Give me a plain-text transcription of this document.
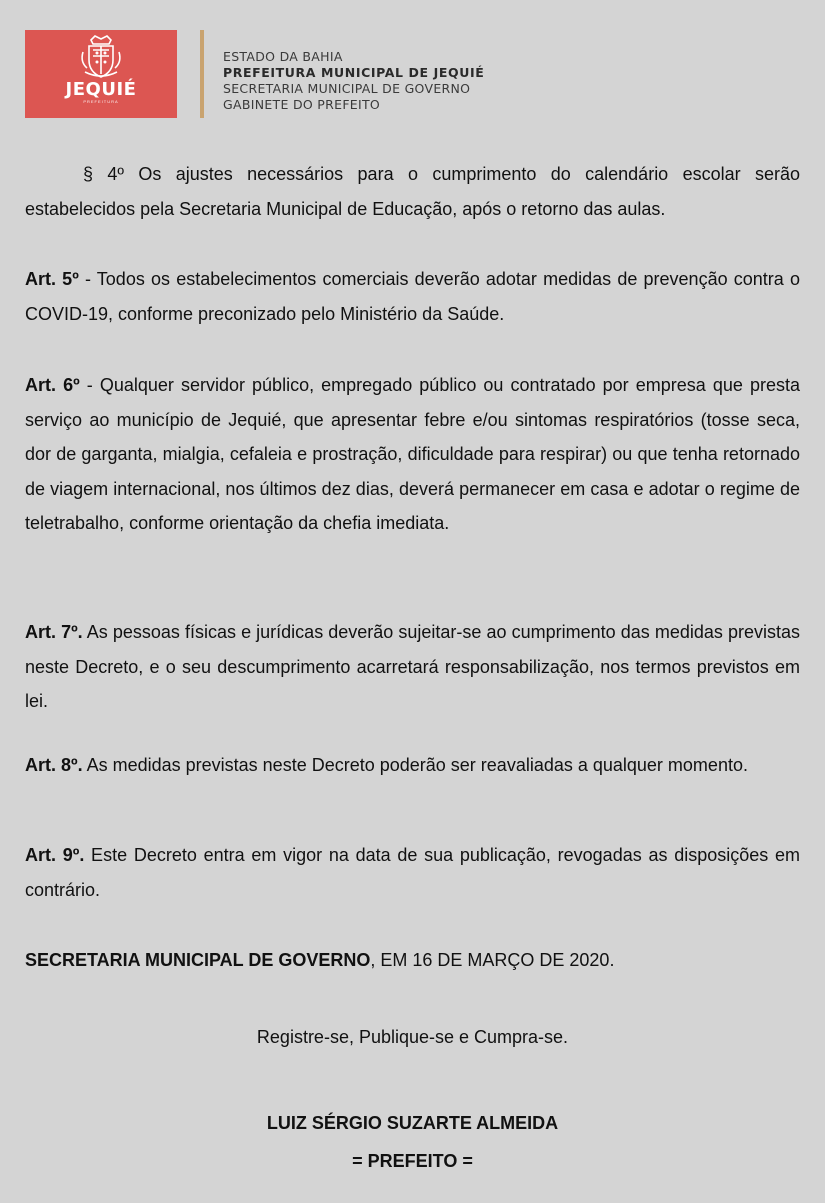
JEQUIÉ
PREFEITURA
ESTADO DA BAHIA
PREFEITURA MUNICIPAL DE JEQUIÉ
SECRETARIA MUNICIPAL DE GOVERNO
GABINETE DO PREFEITO
§ 4º Os ajustes necessários para o cumprimento do calendário escolar serão estabelecidos pela Secretaria Municipal de Educação, após o retorno das aulas.
Art. 5º - Todos os estabelecimentos comerciais deverão adotar medidas de prevenção contra o COVID-19, conforme preconizado pelo Ministério da Saúde.
Art. 6º - Qualquer servidor público, empregado público ou contratado por empresa que presta serviço ao município de Jequié, que apresentar febre e/ou sintomas respiratórios (tosse seca, dor de garganta, mialgia, cefaleia e prostração, dificuldade para respirar) ou que tenha retornado de viagem internacional, nos últimos dez dias, deverá permanecer em casa e adotar o regime de teletrabalho, conforme orientação da chefia imediata.
Art. 7º. As pessoas físicas e jurídicas deverão sujeitar-se ao cumprimento das medidas previstas neste Decreto, e o seu descumprimento acarretará responsabilização, nos termos previstos em lei.
Art. 8º. As medidas previstas neste Decreto poderão ser reavaliadas a qualquer momento.
Art. 9º. Este Decreto entra em vigor na data de sua publicação, revogadas as disposições em contrário.
SECRETARIA MUNICIPAL DE GOVERNO, EM 16 DE MARÇO DE 2020.
Registre-se, Publique-se e Cumpra-se.
LUIZ SÉRGIO SUZARTE ALMEIDA
= PREFEITO =
